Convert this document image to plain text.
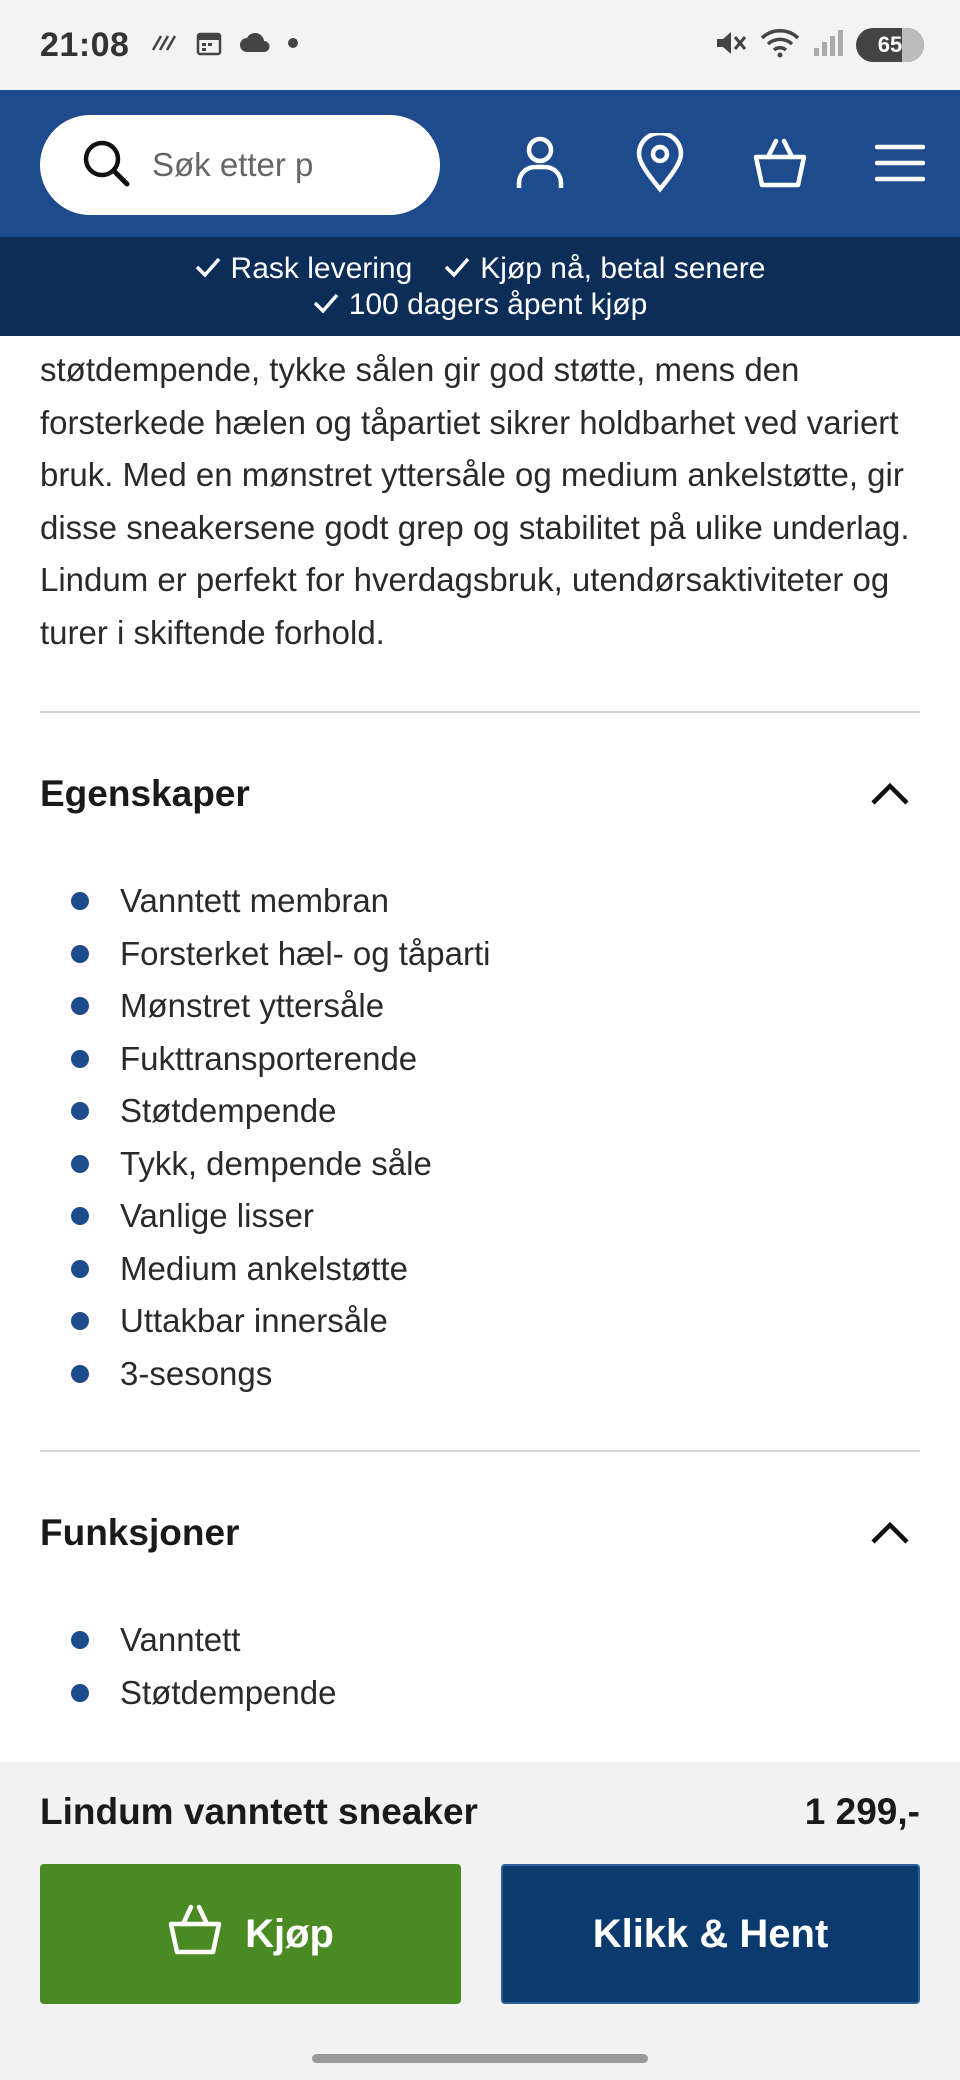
21:08	65
Søk etter p
Rask levering Kjøp nå, betal senere
100 dagers åpent kjøp

støtdempende, tykke sålen gir god støtte, mens den forsterkede hælen og tåpartiet sikrer holdbarhet ved variert bruk. Med en mønstret yttersåle og medium ankelstøtte, gir disse sneakersene godt grep og stabilitet på ulike underlag. Lindum er perfekt for hverdagsbruk, utendørsaktiviteter og turer i skiftende forhold.

Egenskaper
Vanntett membran
Forsterket hæl- og tåparti
Mønstret yttersåle
Fukttransporterende
Støtdempende
Tykk, dempende såle
Vanlige lisser
Medium ankelstøtte
Uttakbar innersåle
3-sesongs
Funksjoner
Vanntett
Støtdempende
Lindum vanntett sneaker	1 299,-
Kjøp	Klikk & Hent
